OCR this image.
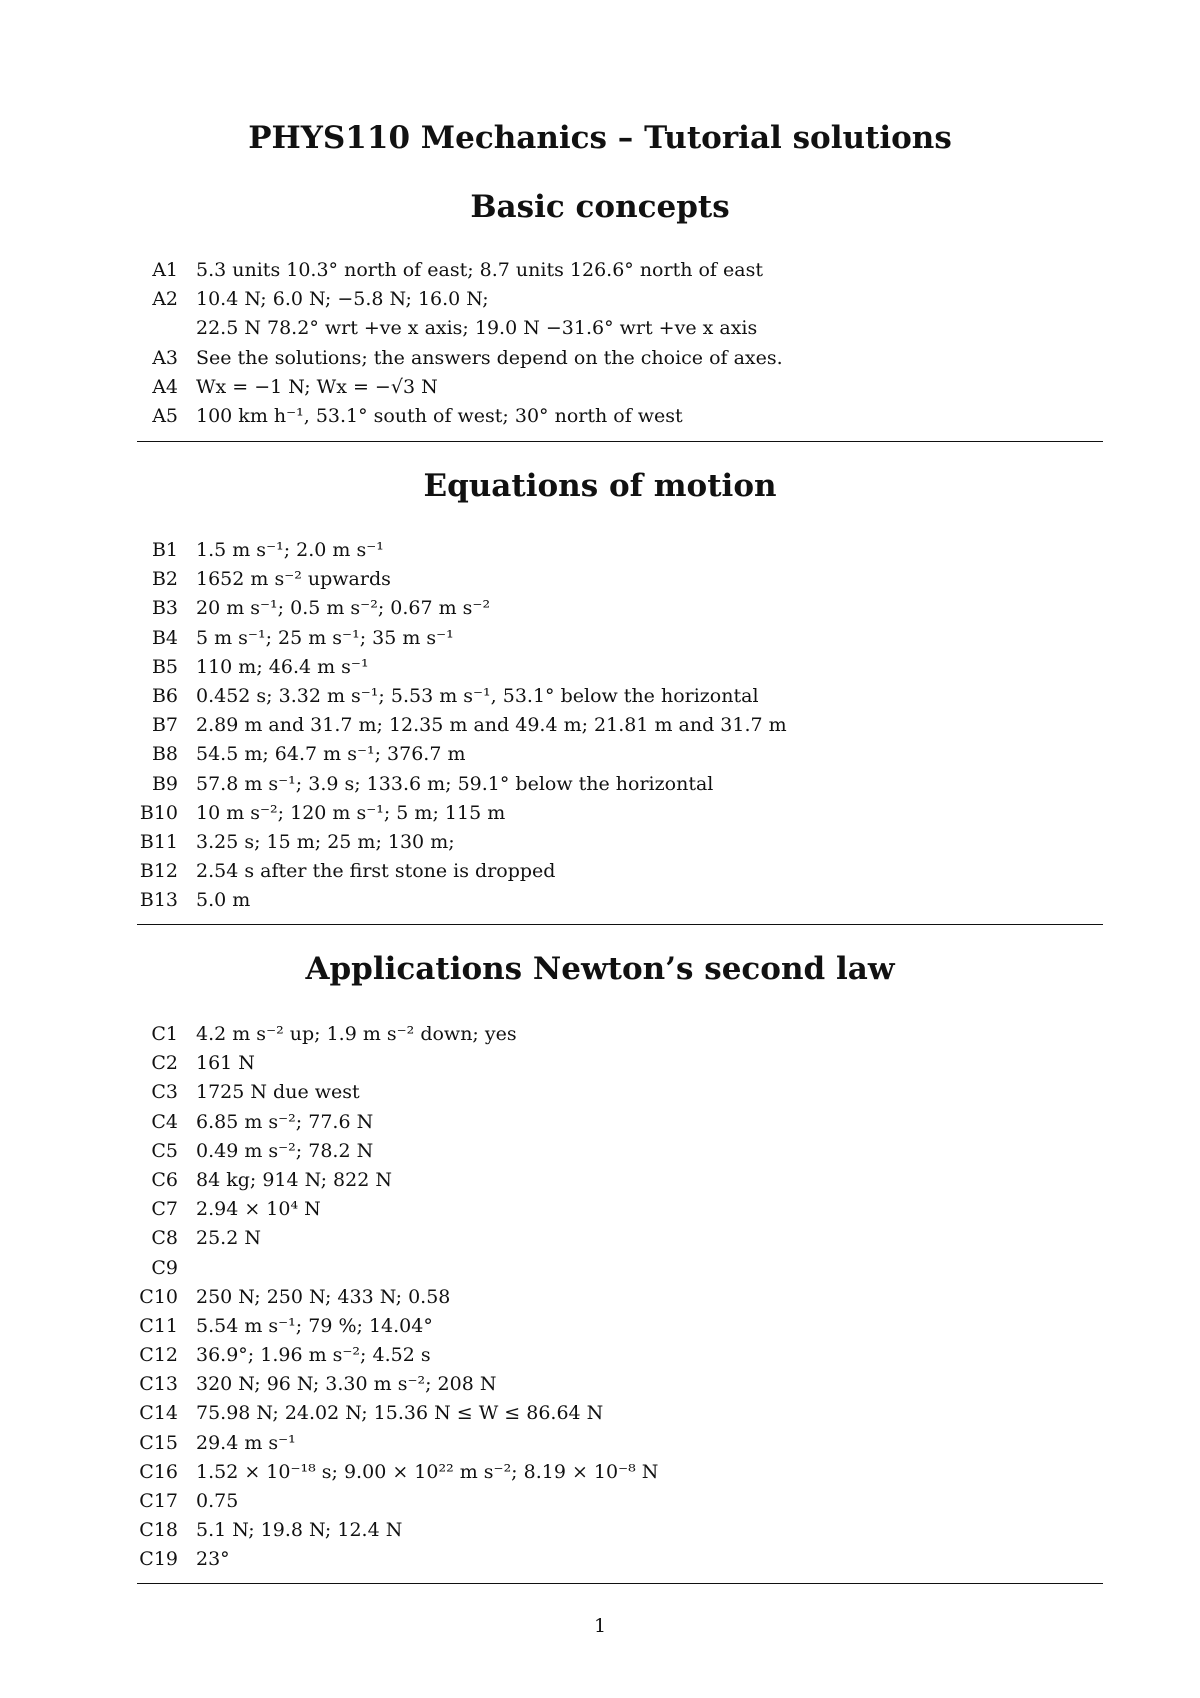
PHYS110 Mechanics – Tutorial solutions
Basic concepts
A1 5.3 units 10.3° north of east; 8.7 units 126.6° north of east
A2 10.4 N; 6.0 N; −5.8 N; 16.0 N;
22.5 N 78.2° wrt +ve x axis; 19.0 N −31.6° wrt +ve x axis
A3 See the solutions; the answers depend on the choice of axes.
A4 Wx = −1 N; Wx = −√3 N
A5 100 km h⁻¹, 53.1° south of west; 30° north of west
Equations of motion
B1 1.5 m s⁻¹; 2.0 m s⁻¹
B2 1652 m s⁻² upwards
B3 20 m s⁻¹; 0.5 m s⁻²; 0.67 m s⁻²
B4 5 m s⁻¹; 25 m s⁻¹; 35 m s⁻¹
B5 110 m; 46.4 m s⁻¹
B6 0.452 s; 3.32 m s⁻¹; 5.53 m s⁻¹, 53.1° below the horizontal
B7 2.89 m and 31.7 m; 12.35 m and 49.4 m; 21.81 m and 31.7 m
B8 54.5 m; 64.7 m s⁻¹; 376.7 m
B9 57.8 m s⁻¹; 3.9 s; 133.6 m; 59.1° below the horizontal
B10 10 m s⁻²; 120 m s⁻¹; 5 m; 115 m
B11 3.25 s; 15 m; 25 m; 130 m;
B12 2.54 s after the first stone is dropped
B13 5.0 m
Applications Newton’s second law
C1 4.2 m s⁻² up; 1.9 m s⁻² down; yes
C2 161 N
C3 1725 N due west
C4 6.85 m s⁻²; 77.6 N
C5 0.49 m s⁻²; 78.2 N
C6 84 kg; 914 N; 822 N
C7 2.94 × 10⁴ N
C8 25.2 N
C9
C10 250 N; 250 N; 433 N; 0.58
C11 5.54 m s⁻¹; 79 %; 14.04°
C12 36.9°; 1.96 m s⁻²; 4.52 s
C13 320 N; 96 N; 3.30 m s⁻²; 208 N
C14 75.98 N; 24.02 N; 15.36 N ≤ W ≤ 86.64 N
C15 29.4 m s⁻¹
C16 1.52 × 10⁻¹⁸ s; 9.00 × 10²² m s⁻²; 8.19 × 10⁻⁸ N
C17 0.75
C18 5.1 N; 19.8 N; 12.4 N
C19 23°
1
